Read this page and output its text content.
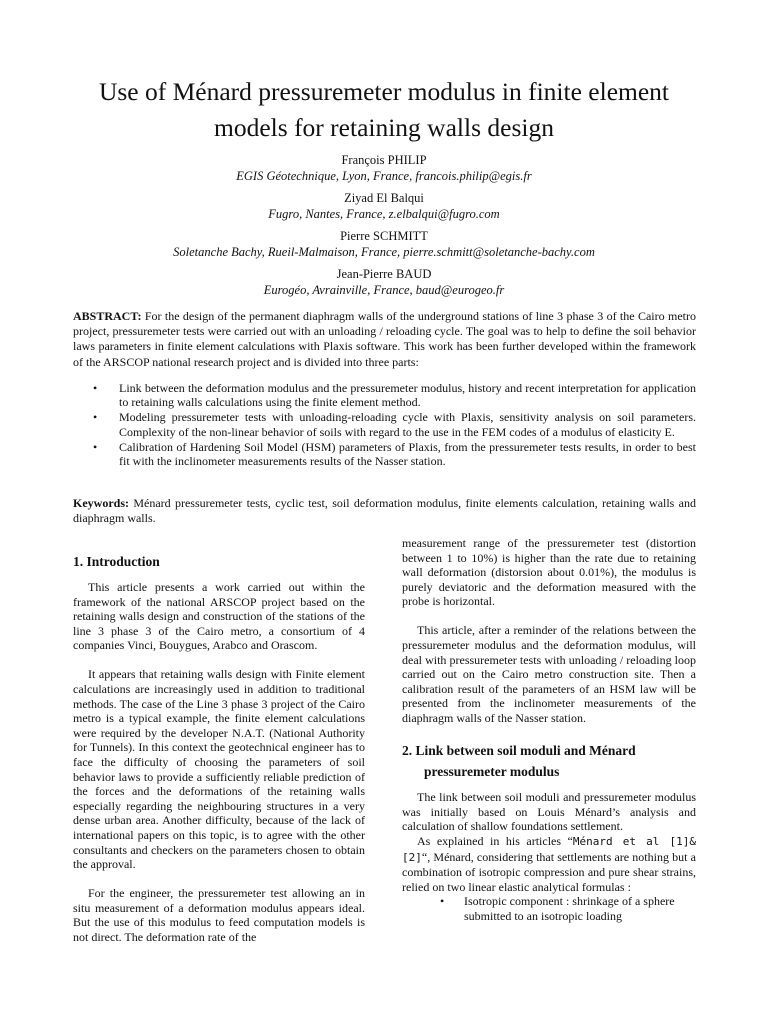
Use of Ménard pressuremeter modulus in finite element
models for retaining walls design
François PHILIP
EGIS Géotechnique, Lyon, France, francois.philip@egis.fr
Ziyad El Balqui
Fugro, Nantes, France, z.elbalqui@fugro.com
Pierre SCHMITT
Soletanche Bachy, Rueil-Malmaison, France, pierre.schmitt@soletanche-bachy.com
Jean-Pierre BAUD
Eurogéo, Avrainville, France, baud@eurogeo.fr

ABSTRACT: For the design of the permanent diaphragm walls of the underground stations of line 3 phase 3 of the Cairo metro project, pressuremeter tests were carried out with an unloading / reloading cycle. The goal was to help to define the soil behavior laws parameters in finite element calculations with Plaxis software. This work has been further developed within the framework of the ARSCOP national research project and is divided into three parts:

• Link between the deformation modulus and the pressuremeter modulus, history and recent interpretation for application to retaining walls calculations using the finite element method.
• Modeling pressuremeter tests with unloading-reloading cycle with Plaxis, sensitivity analysis on soil parameters. Complexity of the non-linear behavior of soils with regard to the use in the FEM codes of a modulus of elasticity E.
• Calibration of Hardening Soil Model (HSM) parameters of Plaxis, from the pressuremeter tests results, in order to best fit with the inclinometer measurements results of the Nasser station.

Keywords: Ménard pressuremeter tests, cyclic test, soil deformation modulus, finite elements calculation, retaining walls and diaphragm walls.

1. Introduction

This article presents a work carried out within the framework of the national ARSCOP project based on the retaining walls design and construction of the stations of the line 3 phase 3 of the Cairo metro, a consortium of 4 companies Vinci, Bouygues, Arabco and Orascom.

It appears that retaining walls design with Finite element calculations are increasingly used in addition to traditional methods. The case of the Line 3 phase 3 project of the Cairo metro is a typical example, the finite element calculations were required by the developer N.A.T. (National Authority for Tunnels). In this context the geotechnical engineer has to face the difficulty of choosing the parameters of soil behavior laws to provide a sufficiently reliable prediction of the forces and the deformations of the retaining walls especially regarding the neighbouring structures in a very dense urban area. Another difficulty, because of the lack of international papers on this topic, is to agree with the other consultants and checkers on the parameters chosen to obtain the approval.

For the engineer, the pressuremeter test allowing an in situ measurement of a deformation modulus appears ideal. But the use of this modulus to feed computation models is not direct. The deformation rate of the

measurement range of the pressuremeter test (distortion between 1 to 10%) is higher than the rate due to retaining wall deformation (distorsion about 0.01%), the modulus is purely deviatoric and the deformation measured with the probe is horizontal.

This article, after a reminder of the relations between the pressuremeter modulus and the deformation modulus, will deal with pressuremeter tests with unloading / reloading loop carried out on the Cairo metro construction site. Then a calibration result of the parameters of an HSM law will be presented from the inclinometer measurements of the diaphragm walls of the Nasser station.

2. Link between soil moduli and Ménard
pressuremeter modulus

The link between soil moduli and pressuremeter modulus was initially based on Louis Ménard’s analysis and calculation of shallow foundations settlement.

As explained in his articles “Ménard et al [1]&[2]“, Ménard, considering that settlements are nothing but a combination of isotropic compression and pure shear strains, relied on two linear elastic analytical formulas :

• Isotropic component : shrinkage of a sphere submitted to an isotropic loading
